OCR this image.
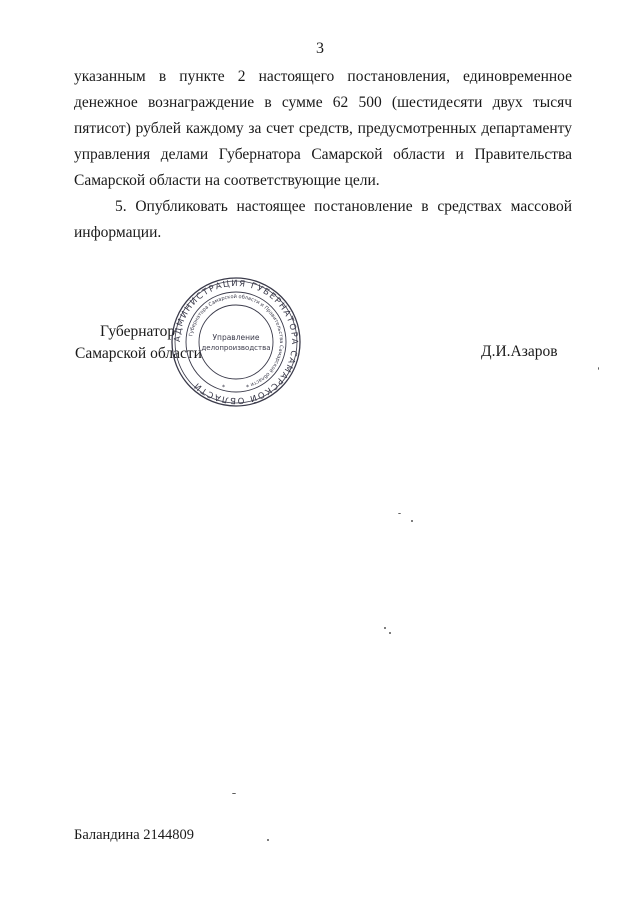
3

указанным в пункте 2 настоящего постановления, единовременное денежное вознаграждение в сумме 62 500 (шестидесяти двух тысяч пятисот) рублей каждому за счет средств, предусмотренных департаменту управления делами Губернатора Самарской области и Правительства Самарской области на соответствующие цели.

5. Опубликовать настоящее постановление в средствах массовой информации.

Губернатор
Самарской области	Д.И.Азаров
АДМИНИСТРАЦИЯ ГУБЕРНАТОРА САМАРСКОЙ ОБЛАСТИ
Губернатора Самарской области и Правительства Самарской области
Управление
делопроизводства
*	*
Баландина 2144809
